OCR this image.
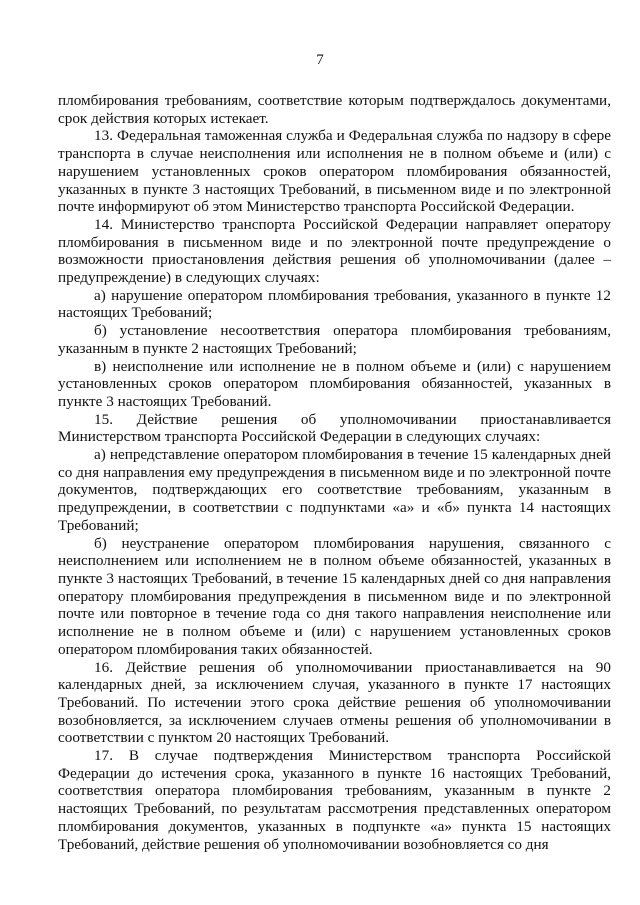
7

пломбирования требованиям, соответствие которым подтверждалось документами, срок действия которых истекает.

13. Федеральная таможенная служба и Федеральная служба по надзору в сфере транспорта в случае неисполнения или исполнения не в полном объеме и (или) с нарушением установленных сроков оператором пломбирования обязанностей, указанных в пункте 3 настоящих Требований, в письменном виде и по электронной почте информируют об этом Министерство транспорта Российской Федерации.

14. Министерство транспорта Российской Федерации направляет оператору пломбирования в письменном виде и по электронной почте предупреждение о возможности приостановления действия решения об уполномочивании (далее – предупреждение) в следующих случаях:

а) нарушение оператором пломбирования требования, указанного в пункте 12 настоящих Требований;

б) установление несоответствия оператора пломбирования требованиям, указанным в пункте 2 настоящих Требований;

в) неисполнение или исполнение не в полном объеме и (или) с нарушением установленных сроков оператором пломбирования обязанностей, указанных в пункте 3 настоящих Требований.

15. Действие решения об уполномочивании приостанавливается Министерством транспорта Российской Федерации в следующих случаях:

а) непредставление оператором пломбирования в течение 15 календарных дней со дня направления ему предупреждения в письменном виде и по электронной почте документов, подтверждающих его соответствие требованиям, указанным в предупреждении, в соответствии с подпунктами «а» и «б» пункта 14 настоящих Требований;

б) неустранение оператором пломбирования нарушения, связанного с неисполнением или исполнением не в полном объеме обязанностей, указанных в пункте 3 настоящих Требований, в течение 15 календарных дней со дня направления оператору пломбирования предупреждения в письменном виде и по электронной почте или повторное в течение года со дня такого направления неисполнение или исполнение не в полном объеме и (или) с нарушением установленных сроков оператором пломбирования таких обязанностей.

16. Действие решения об уполномочивании приостанавливается на 90 календарных дней, за исключением случая, указанного в пункте 17 настоящих Требований. По истечении этого срока действие решения об уполномочивании возобновляется, за исключением случаев отмены решения об уполномочивании в соответствии с пунктом 20 настоящих Требований.

17. В случае подтверждения Министерством транспорта Российской Федерации до истечения срока, указанного в пункте 16 настоящих Требований, соответствия оператора пломбирования требованиям, указанным в пункте 2 настоящих Требований, по результатам рассмотрения представленных оператором пломбирования документов, указанных в подпункте «а» пункта 15 настоящих Требований, действие решения об уполномочивании возобновляется со дня
